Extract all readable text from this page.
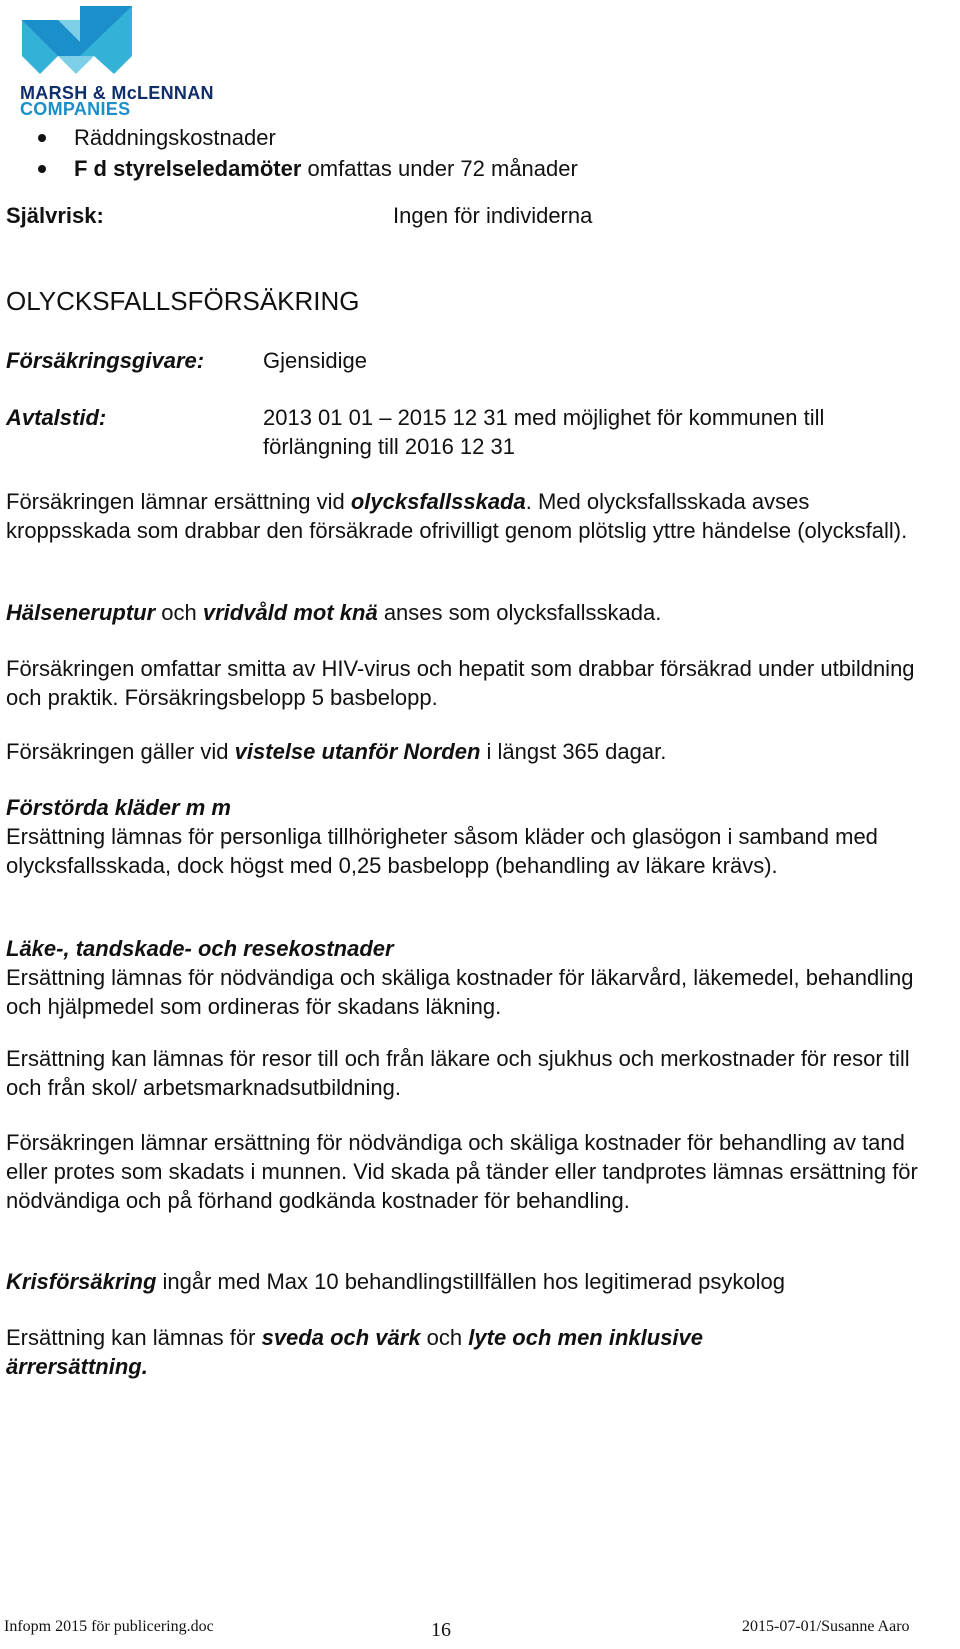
MARSH & McLENNAN
COMPANIES
Räddningskostnader
F d styrelseledamöter omfattas under 72 månader
Självrisk:	Ingen för individerna
OLYCKSFALLSFÖRSÄKRING
Försäkringsgivare:	Gjensidige
Avtalstid:	2013 01 01 – 2015 12 31 med möjlighet för kommunen till
förlängning till 2016 12 31
Försäkringen lämnar ersättning vid olycksfallsskada. Med olycksfallsskada avses kroppsskada som drabbar den försäkrade ofrivilligt genom plötslig yttre händelse (olycksfall).
Hälseneruptur och vridvåld mot knä anses som olycksfallsskada.
Försäkringen omfattar smitta av HIV-virus och hepatit som drabbar försäkrad under utbildning och praktik. Försäkringsbelopp 5 basbelopp.
Försäkringen gäller vid vistelse utanför Norden i längst 365 dagar.
Förstörda kläder m m
Ersättning lämnas för personliga tillhörigheter såsom kläder och glasögon i samband med olycksfallsskada, dock högst med 0,25 basbelopp (behandling av läkare krävs).
Läke-, tandskade- och resekostnader
Ersättning lämnas för nödvändiga och skäliga kostnader för läkarvård, läkemedel, behandling och hjälpmedel som ordineras för skadans läkning.
Ersättning kan lämnas för resor till och från läkare och sjukhus och merkostnader för resor till och från skol/ arbetsmarknadsutbildning.
Försäkringen lämnar ersättning för nödvändiga och skäliga kostnader för behandling av tand eller protes som skadats i munnen. Vid skada på tänder eller tandprotes lämnas ersättning för nödvändiga och på förhand godkända kostnader för behandling.
Krisförsäkring ingår med Max 10 behandlingstillfällen hos legitimerad psykolog
Ersättning kan lämnas för sveda och värk och lyte och men inklusive ärrersättning.
Infopm 2015 för publicering.doc	16	2015-07-01/Susanne Aaro
